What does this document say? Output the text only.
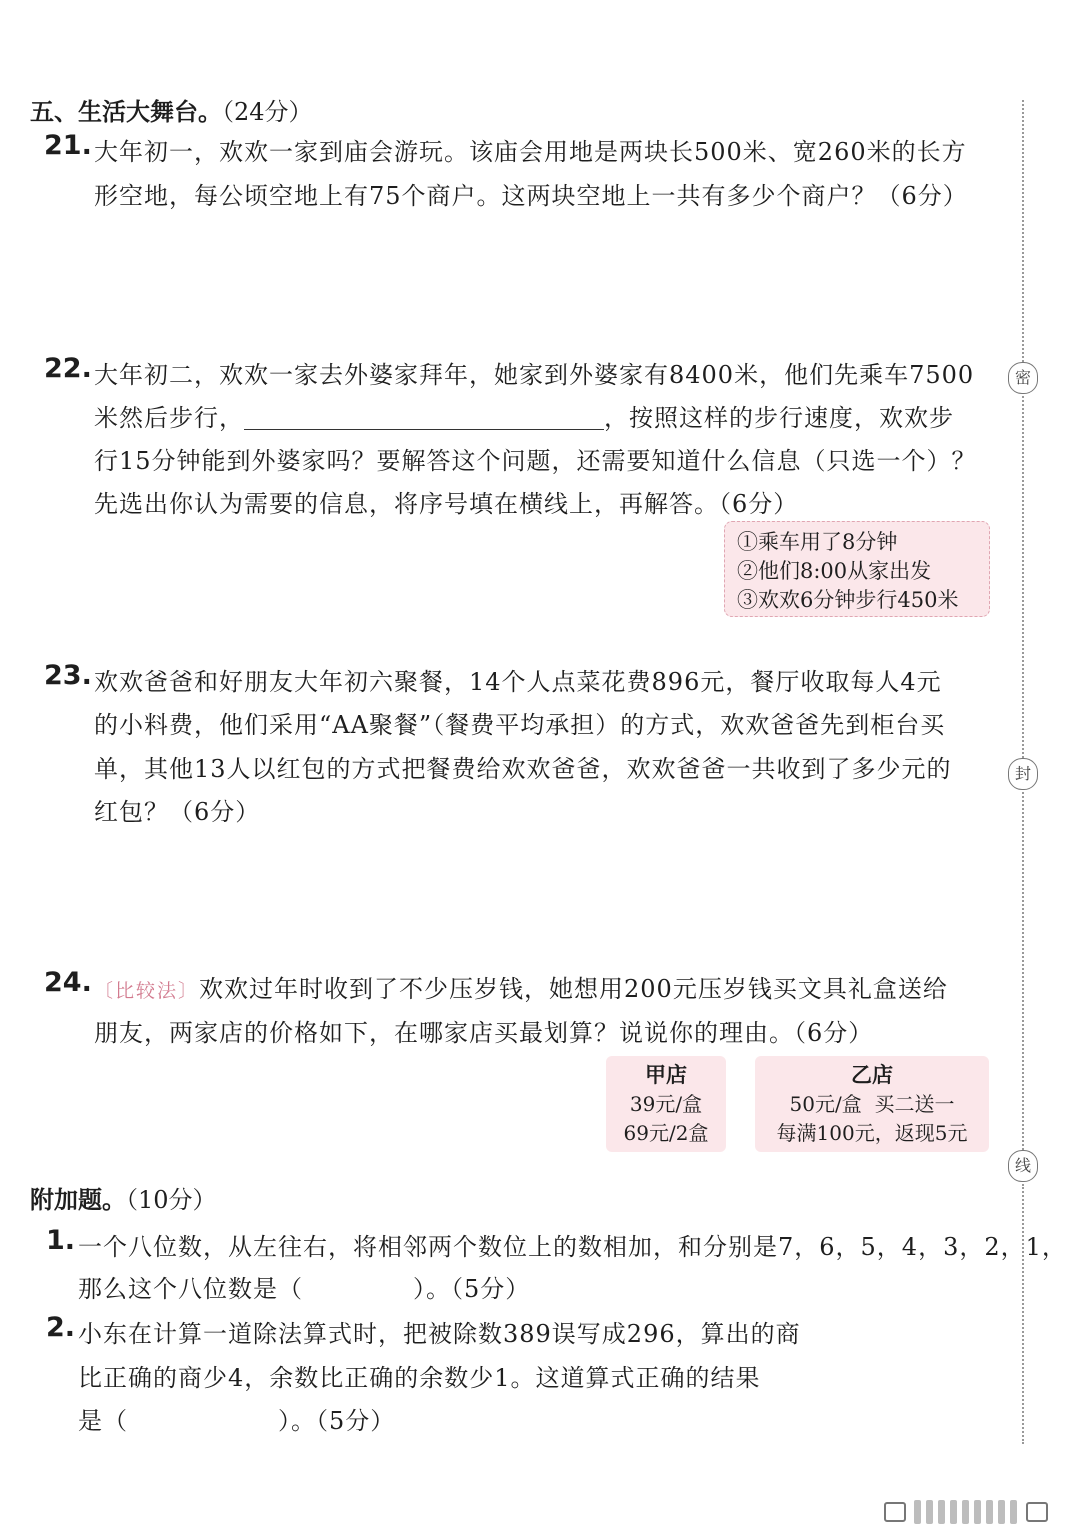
五、生活大舞台。（24分）
21. 大年初一，欢欢一家到庙会游玩。该庙会用地是两块长500米、宽260米的长方
形空地，每公顷空地上有75个商户。这两块空地上一共有多少个商户？（6分）
22. 大年初二，欢欢一家去外婆家拜年，她家到外婆家有8400米，他们先乘车7500
米然后步行，	，按照这样的步行速度，欢欢步
行15分钟能到外婆家吗？要解答这个问题，还需要知道什么信息（只选一个）？
先选出你认为需要的信息，将序号填在横线上，再解答。（6分）
①乘车用了8分钟
②他们8:00从家出发
③欢欢6分钟步行450米
23. 欢欢爸爸和好朋友大年初六聚餐，14个人点菜花费896元，餐厅收取每人4元
的小料费，他们采用“AA聚餐”（餐费平均承担）的方式，欢欢爸爸先到柜台买
单，其他13人以红包的方式把餐费给欢欢爸爸，欢欢爸爸一共收到了多少元的
红包？（6分）
24. 〔比较法〕欢欢过年时收到了不少压岁钱，她想用200元压岁钱买文具礼盒送给
朋友，两家店的价格如下，在哪家店买最划算？说说你的理由。（6分）
甲店
39元/盒
69元/2盒
乙店
50元/盒  买二送一
每满100元，返现5元
附加题。（10分）
1. 一个八位数，从左往右，将相邻两个数位上的数相加，和分别是7，6，5，4，3，2，1，
那么这个八位数是（	）。（5分）
2. 小东在计算一道除法算式时，把被除数389误写成296，算出的商
比正确的商少4，余数比正确的余数少1。这道算式正确的结果
是（	）。（5分）
密
封
线
